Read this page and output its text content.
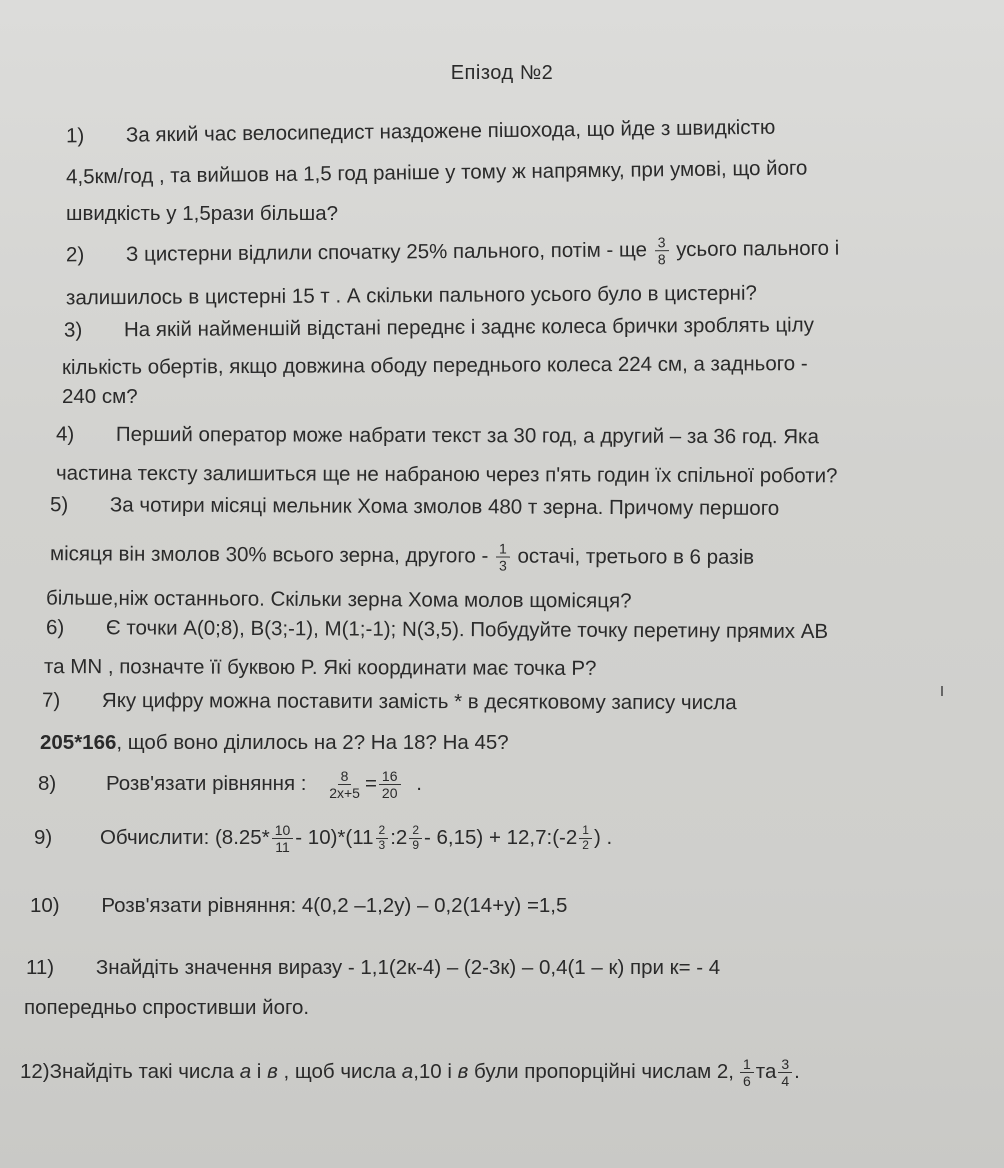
Епізод №2
1) За який час велосипедист наздожене пішохода, що йде з швидкістю
4,5км/год , та вийшов на 1,5 год раніше у тому ж напрямку, при умові, що його
швидкість у 1,5рази більша?
2) З цистерни відлили спочатку 25% пального, потім - ще $\frac{3}{8}$ усього пального і
залишилось в цистерні 15 т . А скільки пального усього було в цистерні?
3) На якій найменшій відстані переднє і заднє колеса брички зроблять цілу
кількість обертів, якщо довжина ободу переднього колеса 224 см, а заднього -
240 см?
4) Перший оператор може набрати текст за 30 год, а другий – за 36 год. Яка
частина тексту залишиться ще не набраною через п'ять годин їх спільної роботи?
5) За чотири місяці мельник Хома змолов 480 т зерна. Причому першого
місяця він змолов 30% всього зерна, другого - $\frac{1}{3}$ остачі, третього в 6 разів
більше,ніж останнього. Скільки зерна Хома молов щомісяця?
6) Є точки A(0;8), B(3;-1), M(1;-1); N(3,5). Побудуйте точку перетину прямих AB
та MN , позначте її буквою P. Які координати має точка P?
7) Яку цифру можна поставити замість * в десятковому запису числа
205*166, щоб воно ділилось на 2? На 18? На 45?
8) Розв'язати рівняння : $\frac{8}{2x+5} = \frac{16}{20}$ .
9) Обчислити: $(8.25* \frac{10}{11} - 10)*(11 \frac{2}{3}$ :2 $\frac{2}{9} - 6,15$) + 12,7:(-2 $\frac{1}{2}$ ) .
10) Розв'язати рівняння: 4(0,2 –1,2у) – 0,2(14+у) =1,5
11) Знайдіть значення виразу - 1,1(2к-4) – (2-3к) – 0,4(1 – к) при к= - 4
попередньо спростивши його.
12)Знайдіть такі числа а і в , щоб числа а,10 і в були пропорційні числам 2, $\frac{1}{6}$ та $\frac{3}{4}$ .
